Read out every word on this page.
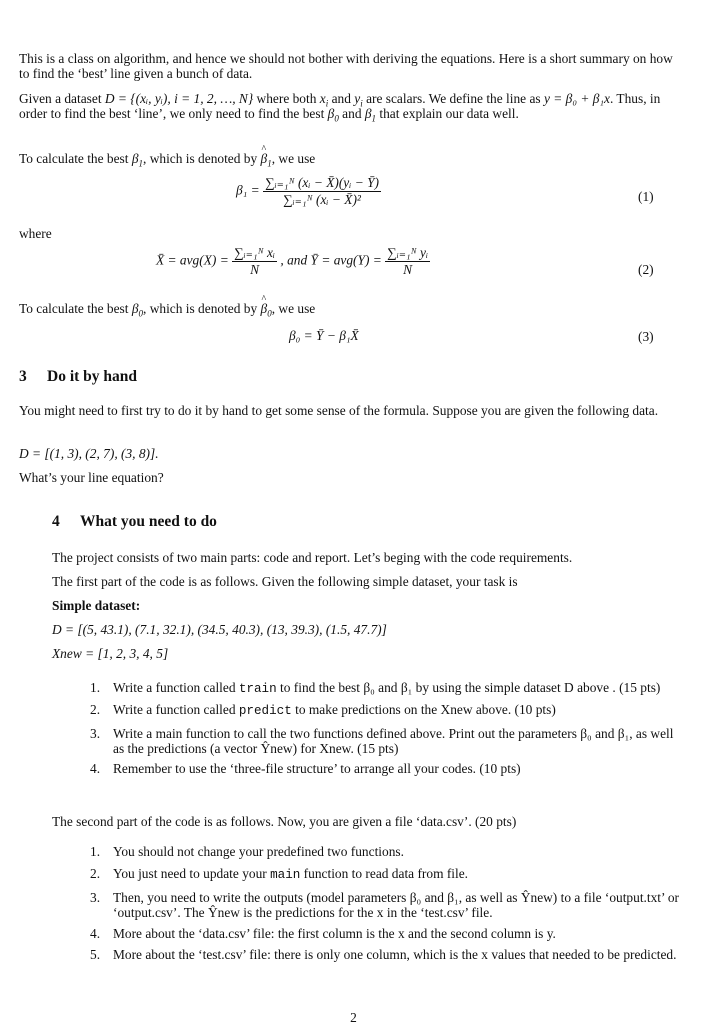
This is a class on algorithm, and hence we should not bother with deriving the equations. Here is a short summary on how to find the ‘best’ line given a bunch of data.

Given a dataset D = {(xᵢ, yᵢ), i = 1, 2, …, N} where both $x_i$ and $y_i$ are scalars. We define the line as y = β₀ + β₁x. Thus, in order to find the best ‘line’, we only need to find the best $\beta_0$ and $\beta_1$ that explain our data well.

To calculate the best $\beta_1$, which is denoted by ^ $\beta_1$, we use

$\beta_1 = \frac{\text{∑ᵢ₌₁ᴺ (xᵢ − X̄)(yᵢ − Ȳ)}}{\text{∑ᵢ₌₁ᴺ (xᵢ − X̄)²}}$	(1)

where

X̄ = $avg(X) = \frac{\text{∑ᵢ₌₁ᴺ xᵢ}}{N}$ , and Ȳ = $avg(Y) = \frac{\text{∑ᵢ₌₁ᴺ yᵢ}}{N}$	(2)

To calculate the best $\beta_0$, which is denoted by ^ $\beta_0$, we use

β₀ = Ȳ − β₁X̄	(3)
3 Do it by hand

You might need to first try to do it by hand to get some sense of the formula. Suppose you are given the following data.

D = [(1, 3), (2, 7), (3, 8)].

What’s your line equation?

4 What you need to do

The project consists of two main parts: code and report. Let’s beging with the code requirements.

The first part of the code is as follows. Given the following simple dataset, your task is

Simple dataset:

D = [(5, 43.1), (7.1, 32.1), (34.5, 40.3), (13, 39.3), (1.5, 47.7)]

Xnew = [1, 2, 3, 4, 5]

1. Write a function called train to find the best β₀ and β₁ by using the simple dataset D above . (15 pts)
2. Write a function called predict to make predictions on the Xnew above. (10 pts)
3. Write a main function to call the two functions defined above. Print out the parameters β₀ and β₁, as well as the predictions (a vector Ŷnew) for Xnew. (15 pts)
4. Remember to use the ‘three-file structure’ to arrange all your codes. (10 pts)

The second part of the code is as follows. Now, you are given a file ‘data.csv’. (20 pts)

1. You should not change your predefined two functions.
2. You just need to update your main function to read data from file.
3. Then, you need to write the outputs (model parameters β₀ and β₁, as well as Ŷnew) to a file ‘output.txt’ or ‘output.csv’. The Ŷnew is the predictions for the x in the ‘test.csv’ file.
4. More about the ‘data.csv’ file: the first column is the x and the second column is y.
5. More about the ‘test.csv’ file: there is only one column, which is the x values that needed to be predicted.
2
